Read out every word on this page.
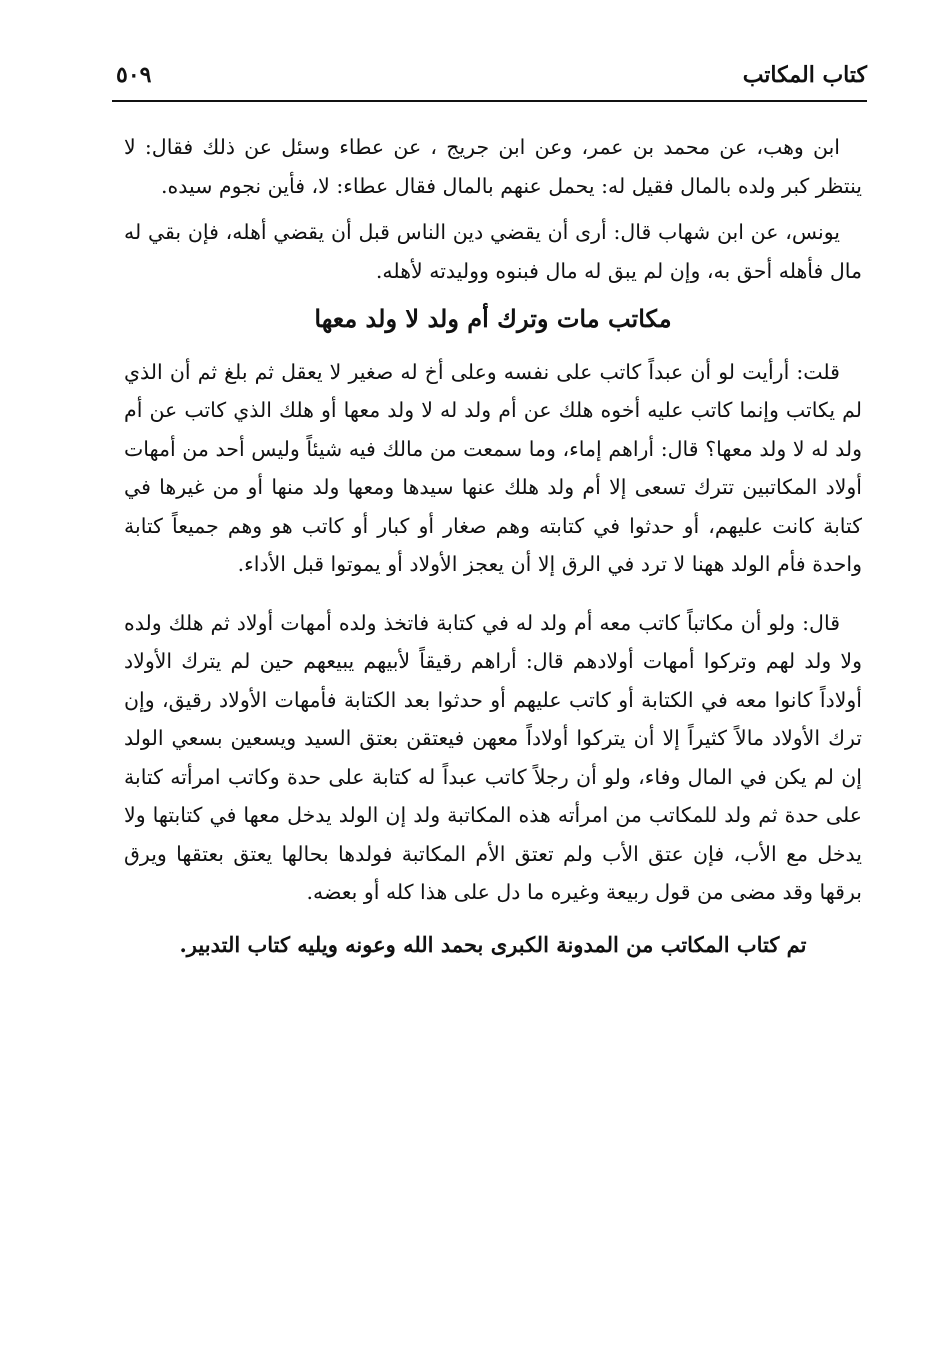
كتاب المكاتب
٥٠٩

ابن وهب، عن محمد بن عمر، وعن ابن جريج ، عن عطاء وسئل عن ذلك فقال: لا ينتظر كبر ولده بالمال فقيل له: يحمل عنهم بالمال فقال عطاء: لا، فأين نجوم سيده.

يونس، عن ابن شهاب قال: أرى أن يقضي دين الناس قبل أن يقضي أهله، فإن بقي له مال فأهله أحق به، وإن لم يبق له مال فبنوه ووليدته لأهله.

مكاتب مات وترك أم ولد لا ولد معها

قلت: أرأيت لو أن عبداً كاتب على نفسه وعلى أخ له صغير لا يعقل ثم بلغ ثم أن الذي لم يكاتب وإنما كاتب عليه أخوه هلك عن أم ولد له لا ولد معها أو هلك الذي كاتب عن أم ولد له لا ولد معها؟ قال: أراهم إماء، وما سمعت من مالك فيه شيئاً وليس أحد من أمهات أولاد المكاتبين تترك تسعى إلا أم ولد هلك عنها سيدها ومعها ولد منها أو من غيرها في كتابة كانت عليهم، أو حدثوا في كتابته وهم صغار أو كبار أو كاتب هو وهم جميعاً كتابة واحدة فأم الولد ههنا لا ترد في الرق إلا أن يعجز الأولاد أو يموتوا قبل الأداء.

قال: ولو أن مكاتباً كاتب معه أم ولد له في كتابة فاتخذ ولده أمهات أولاد ثم هلك ولده ولا ولد لهم وتركوا أمهات أولادهم قال: أراهم رقيقاً لأبيهم يبيعهم حين لم يترك الأولاد أولاداً كانوا معه في الكتابة أو كاتب عليهم أو حدثوا بعد الكتابة فأمهات الأولاد رقيق، وإن ترك الأولاد مالاً كثيراً إلا أن يتركوا أولاداً معهن فيعتقن بعتق السيد ويسعين بسعي الولد إن لم يكن في المال وفاء، ولو أن رجلاً كاتب عبداً له كتابة على حدة وكاتب امرأته كتابة على حدة ثم ولد للمكاتب من امرأته هذه المكاتبة ولد إن الولد يدخل معها في كتابتها ولا يدخل مع الأب، فإن عتق الأب ولم تعتق الأم المكاتبة فولدها بحالها يعتق بعتقها ويرق برقها وقد مضى من قول ربيعة وغيره ما دل على هذا كله أو بعضه.

تم كتاب المكاتب من المدونة الكبرى بحمد الله وعونه ويليه كتاب التدبير.
